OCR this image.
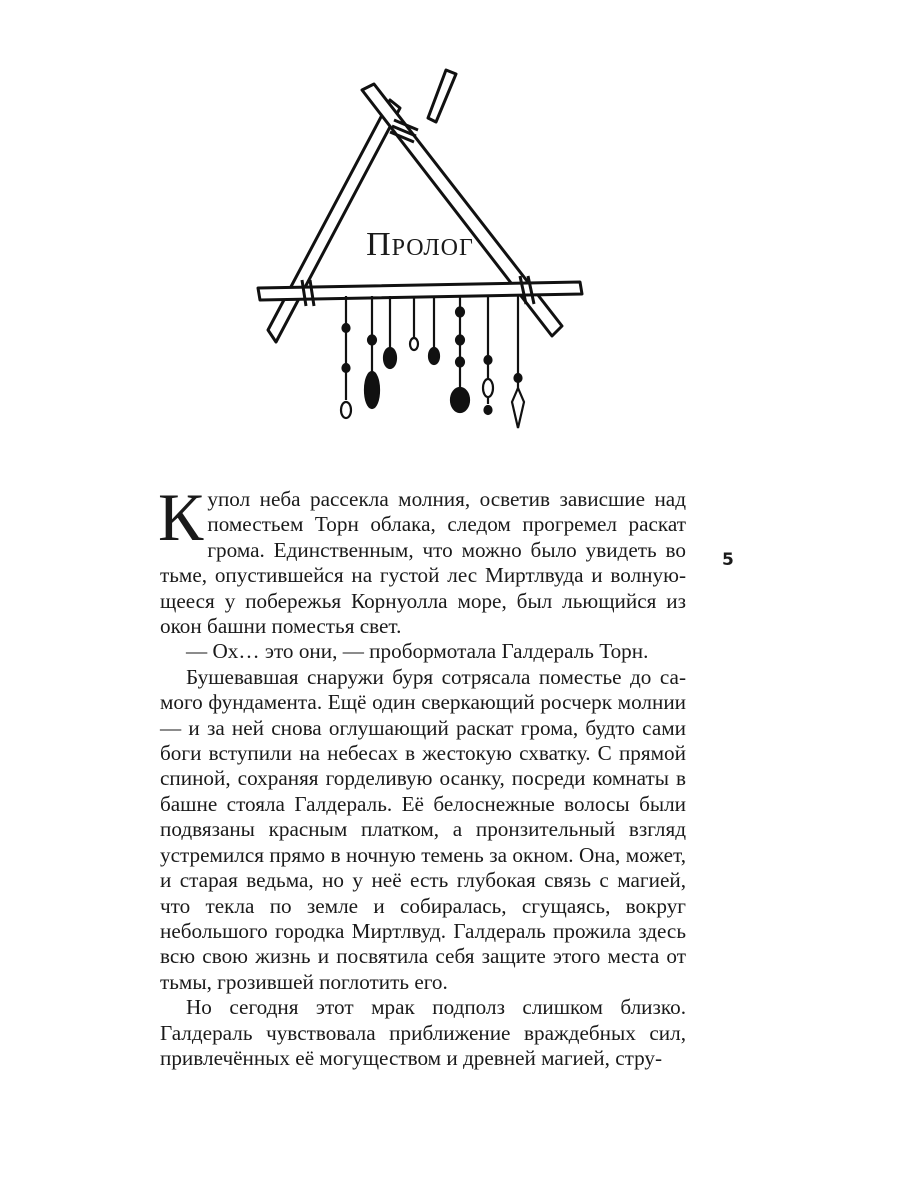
Пролог
5

Купол неба рассекла молния, осветив зависшие над поместьем Торн облака, следом прогремел раскат грома. Единственным, что можно было увидеть во тьме, опустившейся на густой лес Миртлвуда и волнующееся у побережья Корнуолла море, был льющийся из окон башни поместья свет.

— Ох… это они, — пробормотала Галдераль Торн.

Бушевавшая снаружи буря сотрясала поместье до самого фундамента. Ещё один сверкающий росчерк молнии — и за ней снова оглушающий раскат грома, будто сами боги вступили на небесах в жестокую схватку. С прямой спиной, сохраняя горделивую осанку, посреди комнаты в башне стояла Галдераль. Её белоснежные волосы были подвязаны красным платком, а пронзительный взгляд устремился прямо в ночную темень за окном. Она, может, и старая ведьма, но у неё есть глубокая связь с магией, что текла по земле и собиралась, сгущаясь, вокруг небольшого городка Миртлвуд. Галдераль прожила здесь всю свою жизнь и посвятила себя защите этого места от тьмы, грозившей поглотить его.

Но сегодня этот мрак подполз слишком близко. Галдераль чувствовала приближение враждебных сил, привлечённых её могуществом и древней магией, стру-
